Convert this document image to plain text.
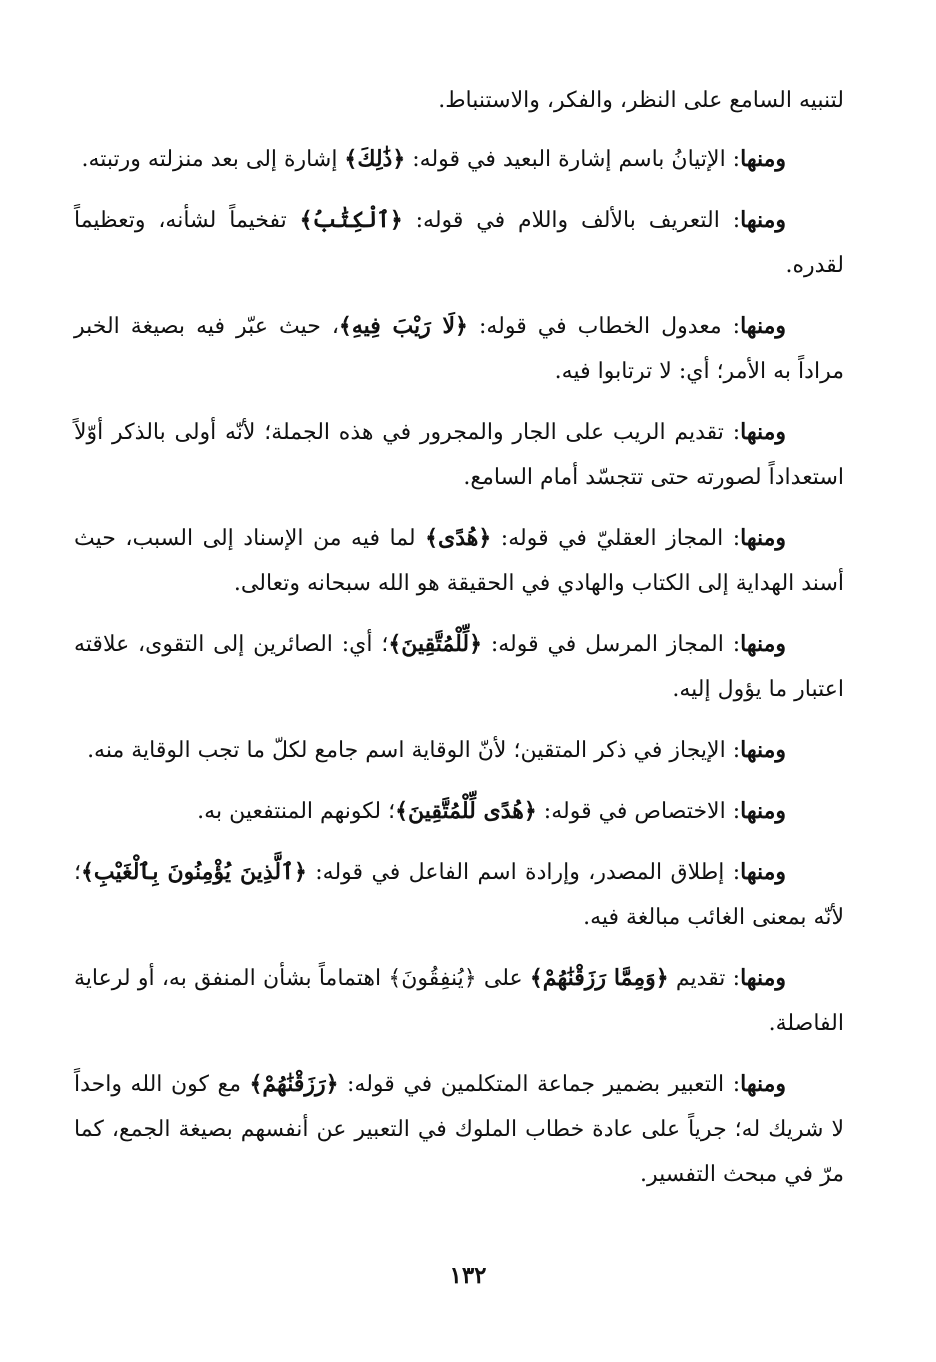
لتنبيه السامع على النظر، والفكر، والاستنباط.

ومنها: الإتيانُ باسم إشارة البعيد في قوله: ﴿ذَٰلِكَ﴾ إشارة إلى بعد منزلته ورتبته.

ومنها: التعريف بالألف واللام في قوله: ﴿ٱلْكِتَٰبُ﴾ تفخيماً لشأنه، وتعظيماً لقدره.

ومنها: معدول الخطاب في قوله: ﴿لَا رَيْبَ فِيهِ﴾، حيث عبّر فيه بصيغة الخبر مراداً به الأمر؛ أي: لا ترتابوا فيه.

ومنها: تقديم الريب على الجار والمجرور في هذه الجملة؛ لأنّه أولى بالذكر أوّلاً استعداداً لصورته حتى تتجسّد أمام السامع.

ومنها: المجاز العقليّ في قوله: ﴿هُدًى﴾ لما فيه من الإسناد إلى السبب، حيث أسند الهداية إلى الكتاب والهادي في الحقيقة هو الله سبحانه وتعالى.

ومنها: المجاز المرسل في قوله: ﴿لِّلْمُتَّقِينَ﴾؛ أي: الصائرين إلى التقوى، علاقته اعتبار ما يؤول إليه.

ومنها: الإيجاز في ذكر المتقين؛ لأنّ الوقاية اسم جامع لكلّ ما تجب الوقاية منه.

ومنها: الاختصاص في قوله: ﴿هُدًى لِّلْمُتَّقِينَ﴾؛ لكونهم المنتفعين به.

ومنها: إطلاق المصدر، وإرادة اسم الفاعل في قوله: ﴿ٱلَّذِينَ يُؤْمِنُونَ بِٱلْغَيْبِ﴾؛ لأنّه بمعنى الغائب مبالغة فيه.

ومنها: تقديم ﴿وَمِمَّا رَزَقْنَٰهُمْ﴾ على ﴿يُنفِقُونَ﴾ اهتماماً بشأن المنفق به، أو لرعاية الفاصلة.

ومنها: التعبير بضمير جماعة المتكلمين في قوله: ﴿رَزَقْنَٰهُمْ﴾ مع كون الله واحداً لا شريك له؛ جرياً على عادة خطاب الملوك في التعبير عن أنفسهم بصيغة الجمع، كما مرّ في مبحث التفسير.

١٣٢
